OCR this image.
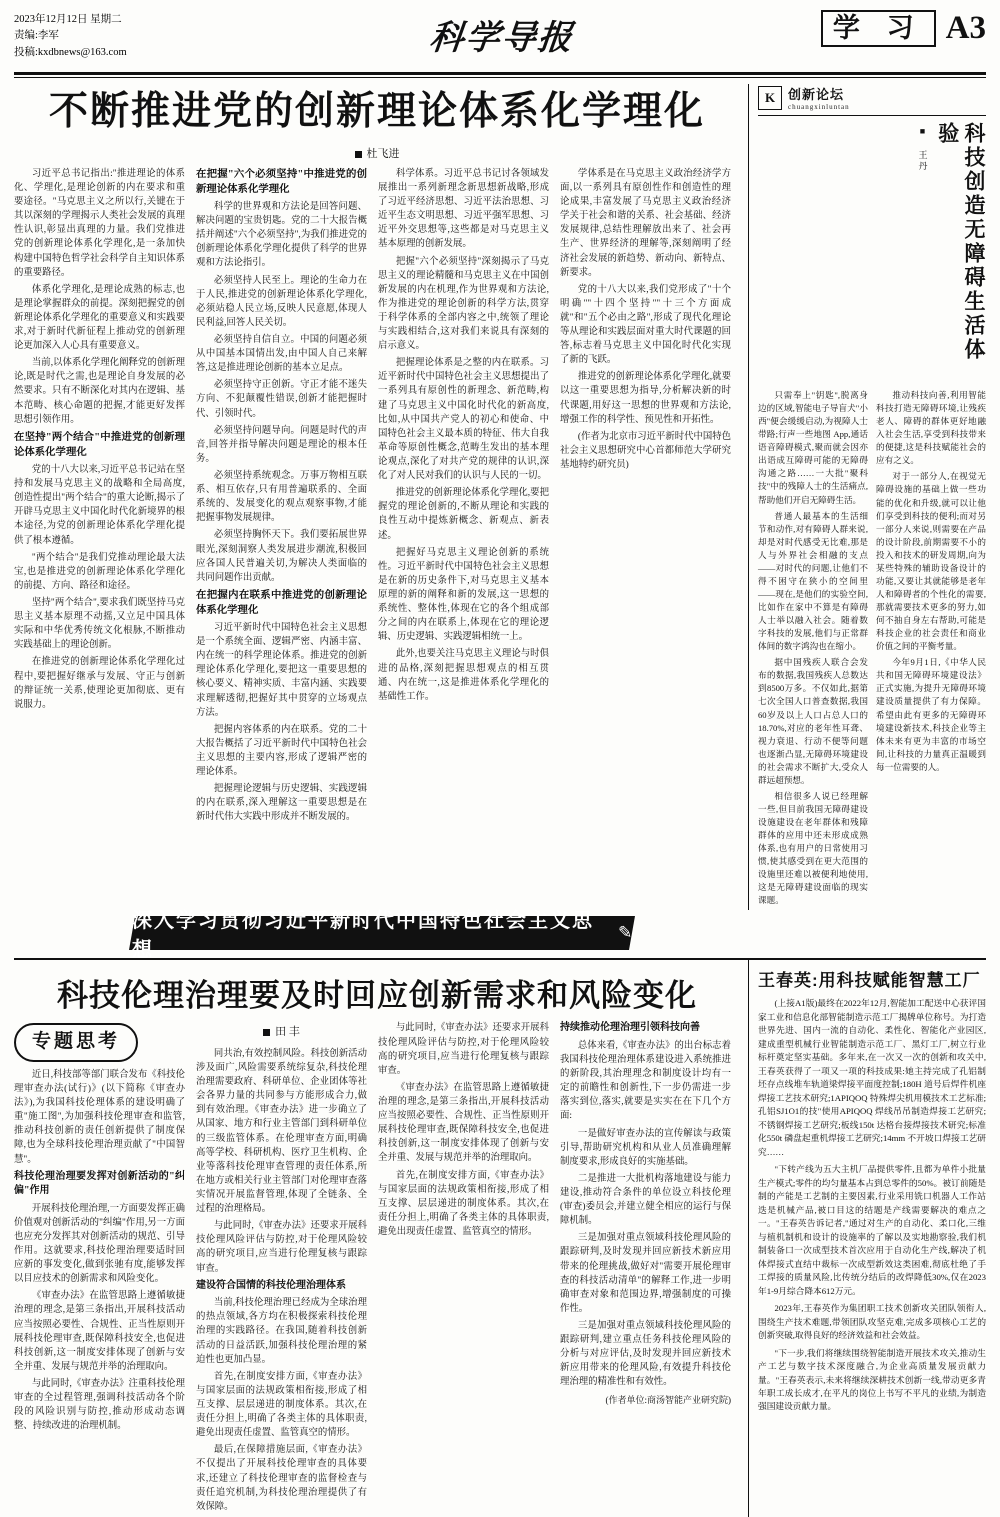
2023年12月12日 星期二
责编:李军
投稿:kxdbnews@163.com	科学导报	学 习 A3
不断推进党的创新理论体系化学理化
杜飞进

习近平总书记指出:"推进理论的体系化、学理化,是理论创新的内在要求和重要途径。"马克思主义之所以行,关键在于其以深刻的学理揭示人类社会发展的真理性认识,彰显出真理的力量。我们党推进党的创新理论体系化学理化,是一条加快构建中国特色哲学社会科学自主知识体系的重要路径。

体系化学理化,是理论成熟的标志,也是理论掌握群众的前提。深刻把握党的创新理论体系化学理化的重要意义和实践要求,对于新时代新征程上推动党的创新理论更加深入人心具有重要意义。

当前,以体系化学理化阐释党的创新理论,既是时代之需,也是理论自身发展的必然要求。只有不断深化对其内在逻辑、基本范畴、核心命题的把握,才能更好发挥思想引领作用。

在坚持"两个结合"中推进党的创新理论体系化学理化

党的十八大以来,习近平总书记站在坚持和发展马克思主义的战略和全局高度,创造性提出"两个结合"的重大论断,揭示了开辟马克思主义中国化时代化新境界的根本途径,为党的创新理论体系化学理化提供了根本遵循。

"两个结合"是我们党推动理论最大法宝,也是推进党的创新理论体系化学理化的前提、方向、路径和途径。

坚持"两个结合",要求我们既坚持马克思主义基本原理不动摇,又立足中国具体实际和中华优秀传统文化根脉,不断推动实践基础上的理论创新。

在推进党的创新理论体系化学理化过程中,要把握好继承与发展、守正与创新的辩证统一关系,使理论更加彻底、更有说服力。

在把握"六个必须坚持"中推进党的创新理论体系化学理化

科学的世界观和方法论是回答问题、解决问题的宝贵钥匙。党的二十大报告概括并阐述"六个必须坚持",为我们推进党的创新理论体系化学理化提供了科学的世界观和方法论指引。

必须坚持人民至上。理论的生命力在于人民,推进党的创新理论体系化学理化,必须站稳人民立场,反映人民意愿,体现人民利益,回答人民关切。

必须坚持自信自立。中国的问题必须从中国基本国情出发,由中国人自己来解答,这是推进理论创新的基本立足点。

必须坚持守正创新。守正才能不迷失方向、不犯颠覆性错误,创新才能把握时代、引领时代。

必须坚持问题导向。问题是时代的声音,回答并指导解决问题是理论的根本任务。

必须坚持系统观念。万事万物相互联系、相互依存,只有用普遍联系的、全面系统的、发展变化的观点观察事物,才能把握事物发展规律。

必须坚持胸怀天下。我们要拓展世界眼光,深刻洞察人类发展进步潮流,积极回应各国人民普遍关切,为解决人类面临的共同问题作出贡献。

在把握内在联系中推进党的创新理论体系化学理化

习近平新时代中国特色社会主义思想是一个系统全面、逻辑严密、内涵丰富、内在统一的科学理论体系。推进党的创新理论体系化学理化,要把这一重要思想的核心要义、精神实质、丰富内涵、实践要求理解透彻,把握好其中贯穿的立场观点方法。

把握内容体系的内在联系。党的二十大报告概括了习近平新时代中国特色社会主义思想的主要内容,形成了逻辑严密的理论体系。

把握理论逻辑与历史逻辑、实践逻辑的内在联系,深入理解这一重要思想是在新时代伟大实践中形成并不断发展的。

科学体系。习近平总书记讨各领域发展推出一系列新理念新思想新战略,形成了习近平经济思想、习近平法治思想、习近平生态文明思想、习近平强军思想、习近平外交思想等,这些都是对马克思主义基本原理的创新发展。

把握"六个必须坚持"深刻揭示了马克思主义的理论精髓和马克思主义在中国创新发展的内在机理,作为世界观和方法论,作为推进党的理论创新的科学方法,贯穿于科学体系的全部内容之中,统领了理论与实践相结合,这对我们来说具有深刻的启示意义。

把握理论体系是之整的内在联系。习近平新时代中国特色社会主义思想提出了一系列具有原创性的新理念、新范畴,构建了马克思主义中国化时代化的新高度,比如,从中国共产党人的初心和使命、中国特色社会主义最本质的特征、伟大自我革命等原创性概念,范畴生发出的基本理论观点,深化了对共产党的规律的认识,深化了对人民对我们的认识与人民的一切。

推进党的创新理论体系化学理化,要把握党的理论创新的,不断从理论和实践的良性互动中提炼新概念、新观点、新表述。

把握好马克思主义理论创新的系统性。习近平新时代中国特色社会主义思想是在新的历史条件下,对马克思主义基本原理的新的阐释和新的发展,这一思想的系统性、整体性,体现在它的各个组成部分之间的内在联系上,体现在它的理论逻辑、历史逻辑、实践逻辑相统一上。

此外,也要关注马克思主义理论与时俱进的品格,深刻把握思想观点的相互贯通、内在统一,这是推进体系化学理化的基础性工作。

学体系是在马克思主义政治经济学方面,以一系列具有原创性作和创造性的理论成果,丰富发展了马克思主义政治经济学关于社会和谐的关系、社会基础、经济发展规律,总结性理解放出来了、社会再生产、世界经济的理解等,深刻阐明了经济社会发展的新趋势、新动向、新特点、新要求。

党的十八大以来,我们党形成了"十个明确""十四个坚持""十三个方面成就"和"五个必由之路",形成了现代化理论等从理论和实践层面对重大时代课题的回答,标志着马克思主义中国化时代化实现了新的飞跃。

推进党的创新理论体系化学理化,就要以这一重要思想为指导,分析解决新的时代课题,用好这一思想的世界观和方法论,增强工作的科学性、预见性和开拓性。

(作者为北京市习近平新时代中国特色社会主义思想研究中心首都师范大学研究基地特约研究员)

K 创新论坛
chuangxinluntan
■ 王丹	科技创造无障碍生活体验

只需奉上"钥匙",脱离身边的区域,智能电子导盲犬"小西"便会缓缓启动,为视障人士带路;行声一些地图 App,通话语音障碍模式,聚而就会因亦出语成互障碍可能的无障碍沟通之路……一大批"聚科技"中的残障人士的生活痛点,帮助他们开启无障碍生活。

普通人最基本的生活细节和动作,对有障碍人群来说,却是对时代感受无比难,那是人与外界社会相融的支点——对时代的问题,让他们不得不困守在狭小的空间里——现在,是他们的实验空间,比如作在家中不算是有障碍人士举以融入社会。随着数字科技的发展,他们与正常群体间的数字鸿沟也在缩小。

据中国残疾人联合会发布的数据,我国残疾人总数达到8500万多。不仅如此,据第七次全国人口普查数据,我国60岁及以上人口占总人口的18.70%,对应的老年性耳聋、视力衰退、行动不便等问题也逐渐凸显,无障碍环境建设的社会需求不断扩大,受众人群远超预想。

相信很多人说已经理解一些,但目前我国无障碍建设设施建设在老年群体和残障群体的应用中还未形成成熟体系,也有用户的日常使用习惯,使其感受到在更大范围的设施里还难以被便利地使用,这是无障碍建设面临的现实课题。

推动科技向善,利用智能科技打造无障碍环境,让残疾老人、障碍的群体更好地融入社会生活,享受到科技带来的便捷,这是科技赋能社会的应有之义。

对于一部分人,在视觉无障碍设施的基础上做一些功能的优化和升级,就可以让他们享受到科技的便利;而对另一部分人来说,则需要在产品的设计阶段,前期需要不小的投入和技术的研发周期,向为某些特殊的辅助设备设计的功能,又要让其就能够是老年人和障碍者的个性化的需要,那就需要技术更多的努力,如何不抽自身左右帮助,可能是科技企业的社会责任和商业价值之间的平衡考量。

今年9月1日,《中华人民共和国无障碍环境建设法》正式实施,为提升无障碍环境建设质量提供了有力保障。希望由此有更多的无障碍环境建设新技术,科技企业等主体未来有更为丰富的市场空间,让科技的力量真正温暖到每一位需要的人。

深入学习贯彻习近平新时代中国特色社会主义思想
✎
科技伦理治理要及时回应创新需求和风险变化
专题思考

近日,科技部等部门联合发布《科技伦理审查办法(试行)》(以下简称《审查办法》),为我国科技伦理体系的建设明确了重"施工图",为加强科技伦理审查和监管,推动科技创新的责任创新提供了制度保障,也为全球科技伦理治理贡献了"中国智慧"。

科技伦理治理要发挥对创新活动的"纠偏"作用

开展科技伦理治理,一方面要发挥正确价值观对创新活动的"纠编"作用,另一方面也应充分发挥其对创新活动的规范、引导作用。这就要求,科技伦理治理要适时回应新的事发变化,做到张驰有度,能够发挥以目应技术的创新需求和风险变化。

《审查办法》在监管思路上遵循敏捷治理的理念,是第三条指出,开展科技活动应当按照必要性、合规性、正当性原则开展科技伦理审查,既保障科技安全,也促进科技创新,这一制度安排体现了创新与安全并重、发展与规范并举的治理取向。

与此同时,《审查办法》注重科技伦理审查的全过程管理,强调科技活动各个阶段的风险识别与防控,推动形成动态调整、持续改进的治理机制。

田 丰

同共治,有效控制风险。科技创新活动涉及面广,风险需要系统综复杂,科技伦理治理需要政府、科研单位、企业团体等社会各界力量的共同参与方能形成合力,做到有效治理。《审查办法》进一步确立了从国家、地方和行业主管部门到科研单位的三级监管体系。在伦理审查方面,明确高等学校、科研机构、医疗卫生机构、企业等落科技伦理审查管理的责任体系,所在地方或相关行业主管部门对伦理审查落实情况开展监督管理,体现了全链条、全过程的治理格局。

与此同时,《审查办法》还要求开展科技伦理风险评估与防控,对于伦理风险较高的研究项目,应当进行伦理复核与跟踪审查。

建设符合国情的科技伦理治理体系

当前,科技伦理治理已经成为全球治理的热点领域,各方均在积极探索科技伦理治理的实践路径。在我国,随着科技创新活动的日益活跃,加强科技伦理治理的紧迫性也更加凸显。

首先,在制度安排方面,《审查办法》与国家层面的法规政策相衔接,形成了相互支撑、层层递进的制度体系。其次,在责任分担上,明确了各类主体的具体职责,避免出现责任虚置、监管真空的情形。

最后,在保障措施层面,《审查办法》不仅提出了开展科技伦理审查的具体要求,还建立了科技伦理审查的监督检查与责任追究机制,为科技伦理治理提供了有效保障。

与此同时,《审查办法》还要求开展科技伦理风险评估与防控,对于伦理风险较高的研究项目,应当进行伦理复核与跟踪审查。

《审查办法》在监管思路上遵循敏捷治理的理念,是第三条指出,开展科技活动应当按照必要性、合规性、正当性原则开展科技伦理审查,既保障科技安全,也促进科技创新,这一制度安排体现了创新与安全并重、发展与规范并举的治理取向。

首先,在制度安排方面,《审查办法》与国家层面的法规政策相衔接,形成了相互支撑、层层递进的制度体系。其次,在责任分担上,明确了各类主体的具体职责,避免出现责任虚置、监管真空的情形。

持续推动伦理治理引领科技向善

总体来看,《审查办法》的出台标志着我国科技伦理治理体系建设进入系统推进的新阶段,其治理理念和制度设计均有一定的前瞻性和创新性,下一步仍需进一步落实到位,落实,就要是实实在在下几个方面:

一是做好审查办法的宣传解读与政策引导,帮助研究机构和从业人员准确理解制度要求,形成良好的实施基础。

二是推进一大批机构落地建设与能力建设,推动符合条件的单位设立科技伦理(审查)委员会,并建立健全相应的运行与保障机制。

三是加强对重点领域科技伦理风险的跟踪研判,及时发现并回应新技术新应用带来的伦理挑战,做好对"需要开展伦理审查的科技活动清单"的解释工作,进一步明确审查对象和范围边界,增强制度的可操作性。

三是加强对重点领域科技伦理风险的跟踪研判,建立重点任务科技伦理风险的分析与对应评估,及时发现并回应新技术新应用带来的伦理风险,有效提升科技伦理治理的精准性和有效性。

(作者单位:商汤智能产业研究院)
王春英:用科技赋能智慧工厂

(上接A1版)最终在2022年12月,智能加工配送中心获评国家工业和信息化部智能制造示范工厂揭牌单位称号。为打造世界先进、国内一流的自动化、柔性化、智能化产业园区,建成重型机械行业智能制造示范工厂、黑灯工厂,树立行业标杆奠定坚实基础。多年来,在一次又一次的创新和攻关中,王春英获得了一项又一项的科技成果:她主持完成了孔铝制坯存点线堆车轨道梁焊接平面度控制;180H 道号后焊件机座焊接工艺技术研究;1APIQOQ 特殊焊尖机用模技术工艺标准;孔铝SJ1O1的技"使用APIQOQ 焊线吊吊制造焊接工艺研究;不锈钢焊接工艺研究;板线150t 达格台接焊接技术研究;标准化550t 磷盘起重机焊接工艺研究;14mm 不开坡口焊接工艺研究……

"下转产线为五大主机厂品提供零件,且都为单件小批量生产模式;零件的均匀量基本占到总零件的50%。被订前随是制的产能是工艺制的主要因素,行业采用铣口机器人工作站迭是机械产品,被口目这的结题是产线需要解决的难点之一。"王春英告诉记者,"通过对生产的自动化、柔口化,三维与植机制机和设计的设施率的了解以及实地勘察验,我们机制装备口一次成型技术首次应用于自动化生产线,解决了机体焊接式直结中裁标一次成型新效这类困难,彻底杜绝了手工焊接的质量风险,比传统分结后的改焊降低30%,仅在2023年1-9月综合降本612万元。

2023年,王春英作为集团职工技术创新攻关团队领衔人,围绕生产技术难题,带领团队攻坚克难,完成多项核心工艺的创新突破,取得良好的经济效益和社会效益。

"下一步,我们将继续围绕智能制造开展技术攻关,推动生产工艺与数字技术深度融合,为企业高质量发展贡献力量。"王春英表示,未来将继续深耕技术创新一线,带动更多青年职工成长成才,在平凡的岗位上书写不平凡的业绩,为制造强国建设贡献力量。
